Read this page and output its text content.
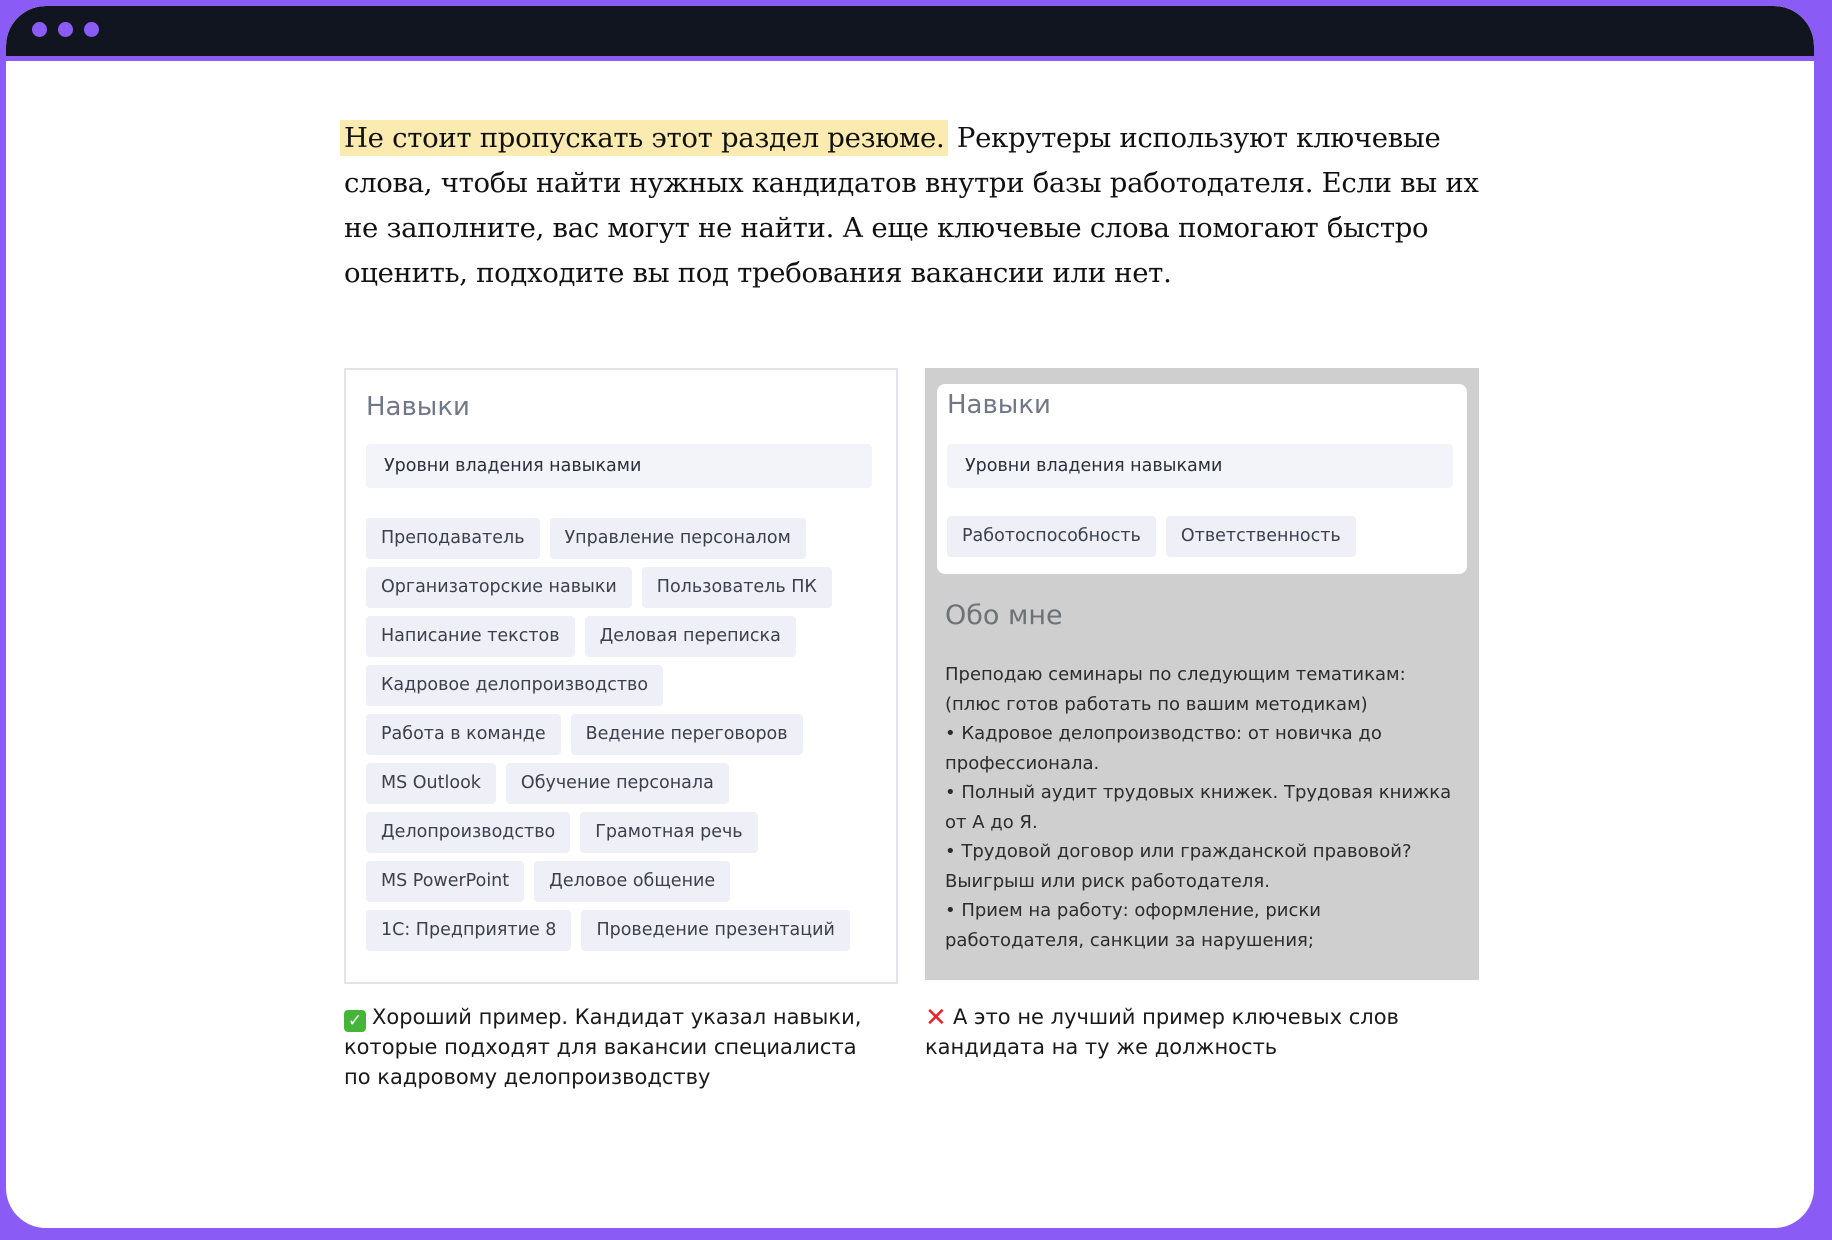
Не стоит пропускать этот раздел резюме. Рекрутеры используют ключевые слова, чтобы найти нужных кандидатов внутри базы работодателя. Если вы их не заполните, вас могут не найти. А еще ключевые слова помогают быстро оценить, подходите вы под требования вакансии или нет.

Навыки
Уровни владения навыками
Преподаватель	Управление персоналом
Организаторские навыки	Пользователь ПК
Написание текстов	Деловая переписка
Кадровое делопроизводство
Работа в команде	Ведение переговоров
MS Outlook	Обучение персонала
Делопроизводство	Грамотная речь
MS PowerPoint	Деловое общение
1С: Предприятие 8	Проведение презентаций
Навыки
Уровни владения навыками
Работоспособность	Ответственность
Обо мне

Преподаю семинары по следующим тематикам:

(плюс готов работать по вашим методикам)

• Кадровое делопроизводство: от новичка до профессионала.

• Полный аудит трудовых книжек. Трудовая книжка от А до Я.

• Трудовой договор или гражданской правовой? Выигрыш или риск работодателя.

• Прием на работу: оформление, риски работодателя, санкции за нарушения;

✓ Хороший пример. Кандидат указал навыки, которые подходят для вакансии специалиста по кадровому делопроизводству

✕ А это не лучший пример ключевых слов кандидата на ту же должность
